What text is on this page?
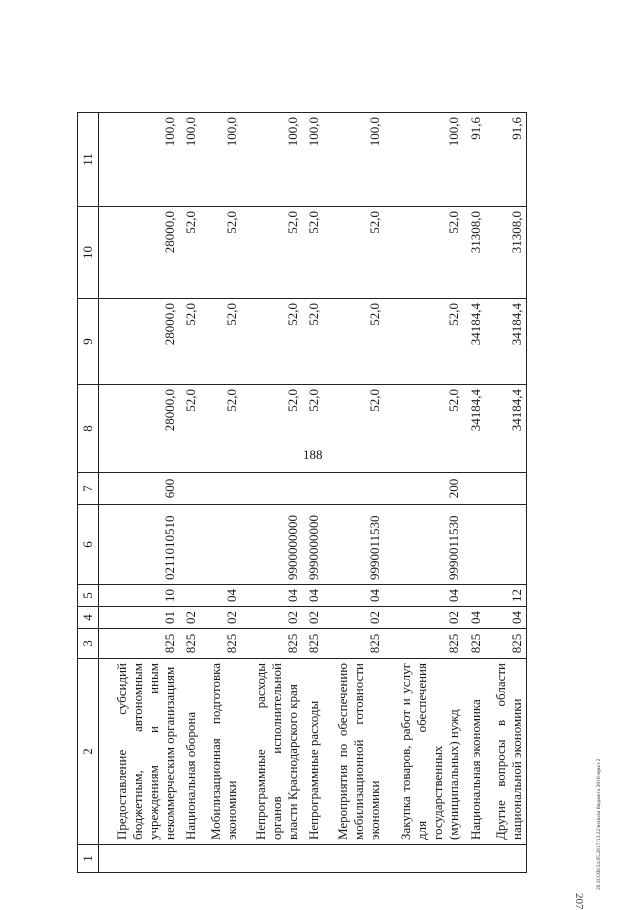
188
207
20.ЗСОВ/24.05.2017/13.22/исполн бюджета 2016-прил-2
1	2	3	4	5	6	7	8	9	10	11
	Предоставление субсидий бюджетным, автономным учреждениям и иным некоммерческим организациям	825	01	10	0211010510	600	28000,0	28000,0	28000,0	100,0
	Национальная оборона	825	02				52,0	52,0	52,0	100,0
	Мобилизационная подготовка экономики	825	02	04			52,0	52,0	52,0	100,0
	Непрограммные расходы органов исполнительной власти Краснодарского края	825	02	04	9900000000		52,0	52,0	52,0	100,0
	Непрограммные расходы	825	02	04	9990000000		52,0	52,0	52,0	100,0
	Мероприятия по обеспечению мобилизационной готовности экономики	825	02	04	9990011530		52,0	52,0	52,0	100,0
	Закупка товаров, работ и услуг для обеспечения государственных (муниципальных) нужд	825	02	04	9990011530	200	52,0	52,0	52,0	100,0
	Национальная экономика	825	04				34184,4	34184,4	31308,0	91,6
	Другие вопросы в области национальной экономики	825	04	12			34184,4	34184,4	31308,0	91,6
